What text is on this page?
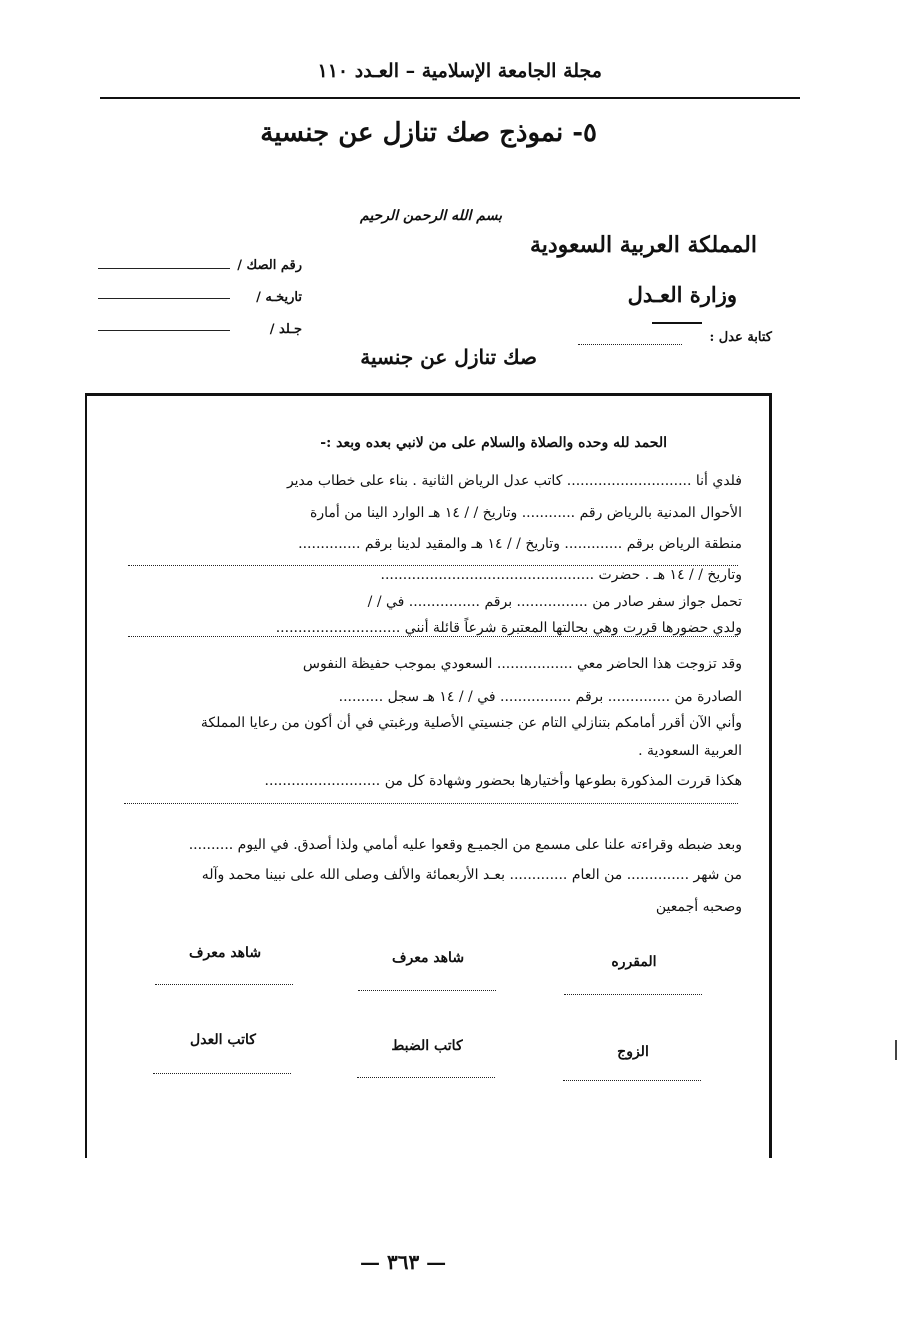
مجلة الجامعة الإسلامية – العـدد ١١٠
٥- نموذج صك تنازل عن جنسية
بسم الله الرحمن الرحيم
المملكة العربية السعودية
وزارة العـدل
كتابة عدل :
رقم الصك /
تاريخـه /
جـلد /
صك تنازل عن جنسية
الحمد لله وحده والصلاة والسلام على من لانبي بعده وبعد :-
فلدي أنا ............................ كاتب عدل الرياض الثانية . بناء على خطاب مدير
الأحوال المدنية بالرياض رقم ............ وتاريخ / / ١٤ هـ الوارد الينا من أمارة
منطقة الرياض برقم ............. وتاريخ / / ١٤ هـ والمقيد لدينا برقم ..............
وتاريخ / / ١٤ هـ . حضرت ................................................
تحمل جواز سفر صادر من ................ برقم ................ في / /
ولدي حضورها قررت وهي بحالتها المعتبرة شرعاً قائلة أنني ............................
وقد تزوجت هذا الحاضر معي ................. السعودي بموجب حفيظة النفوس
الصادرة من .............. برقم ................ في / / ١٤ هـ سجل ..........
وأني الآن أقرر أمامكم بتنازلي التام عن جنسيتي الأصلية ورغبتي في أن أكون من رعايا المملكة
العربية السعودية .
هكذا قررت المذكورة بطوعها وأختيارها بحضور وشهادة كل من ..........................
وبعد ضبطه وقراءته علنا على مسمع من الجميـع وقعوا عليه أمامي ولذا أصدق. في اليوم ..........
من شهر .............. من العام ............. بعـد الأربعمائة والألف وصلى الله على نبينا محمد وآله
وصحبه أجمعين
المقرره
شاهد معرف
شاهد معرف
الزوج
كاتب الضبط
كاتب العدل
— ٣٦٣ —
